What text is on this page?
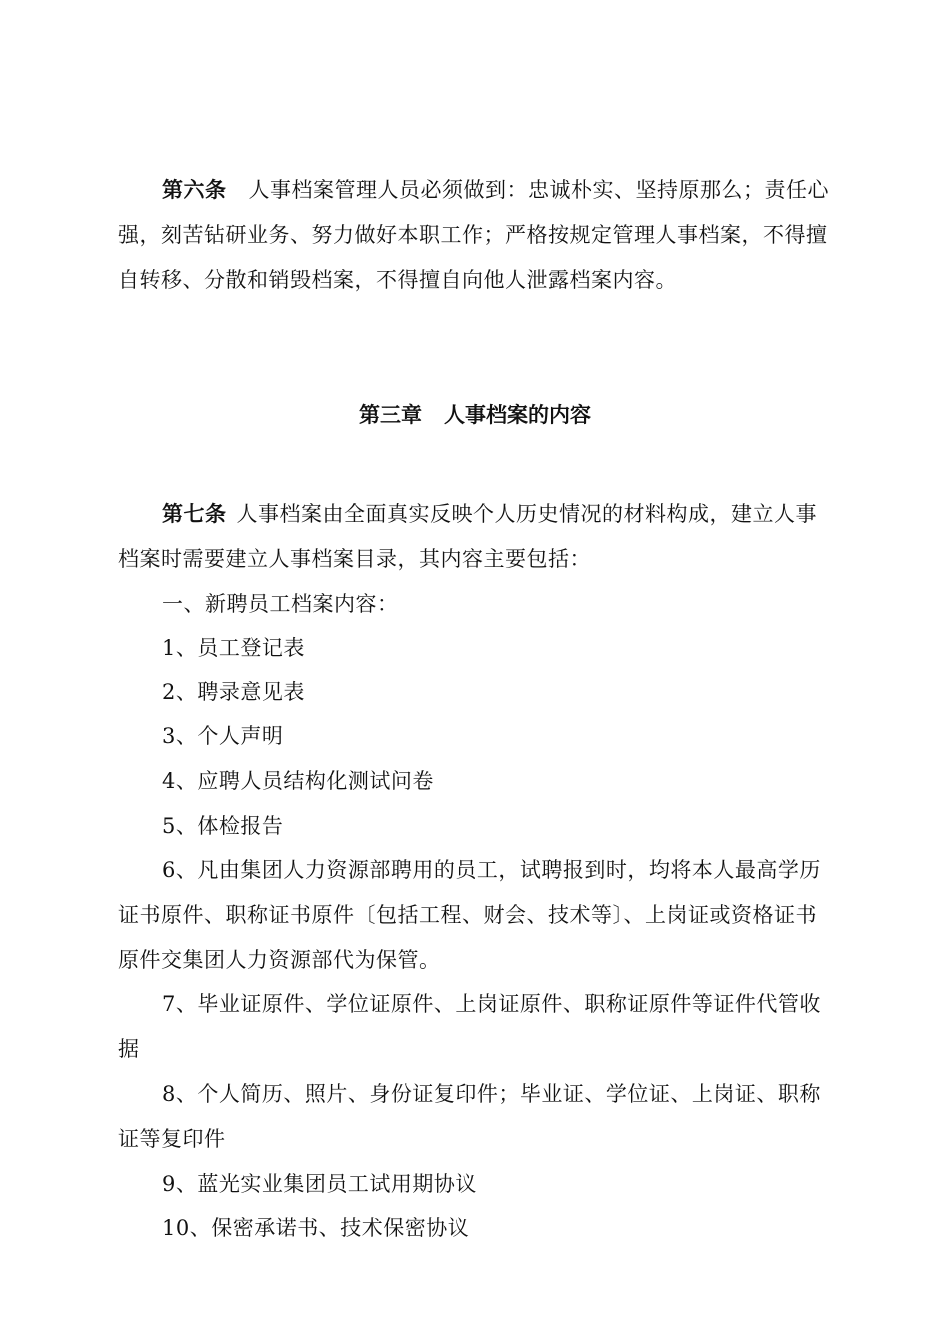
第六条 人事档案管理人员必须做到：忠诚朴实、坚持原那么；责任心强，刻苦钻研业务、努力做好本职工作；严格按规定管理人事档案，不得擅自转移、分散和销毁档案，不得擅自向他人泄露档案内容。

第三章 人事档案的内容

第七条 人事档案由全面真实反映个人历史情况的材料构成，建立人事档案时需要建立人事档案目录，其内容主要包括：

一、新聘员工档案内容：

1、员工登记表

2、聘录意见表

3、个人声明

4、应聘人员结构化测试问卷

5、体检报告

6、凡由集团人力资源部聘用的员工，试聘报到时，均将本人最高学历证书原件、职称证书原件〔包括工程、财会、技术等〕、上岗证或资格证书原件交集团人力资源部代为保管。

7、毕业证原件、学位证原件、上岗证原件、职称证原件等证件代管收据

8、个人简历、照片、身份证复印件；毕业证、学位证、上岗证、职称证等复印件

9、蓝光实业集团员工试用期协议

10、保密承诺书、技术保密协议
